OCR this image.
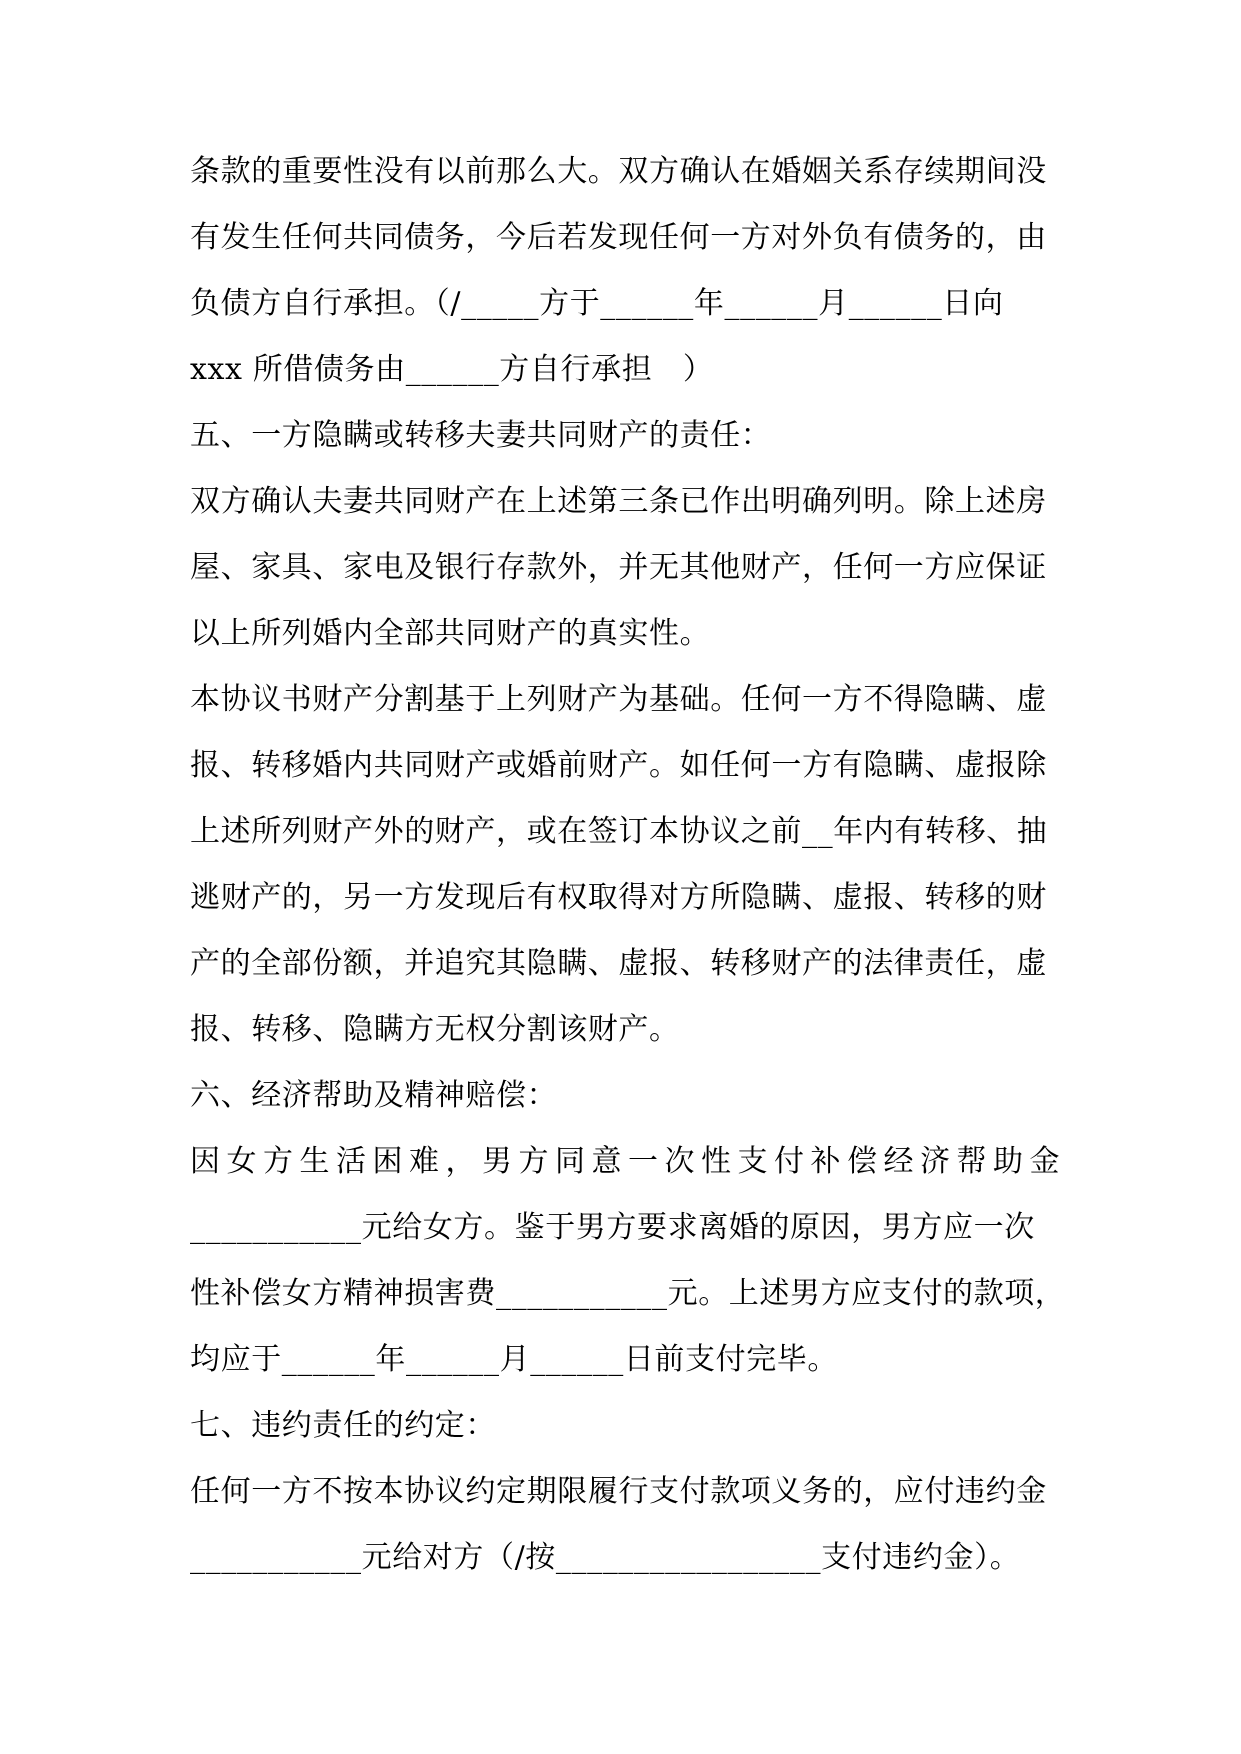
条款的重要性没有以前那么大。双方确认在婚姻关系存续期间没
有发生任何共同债务，今后若发现任何一方对外负有债务的，由
负债方自行承担。（/_____方于______年______月______日向
xxx 所借债务由______方自行承担　）
五、一方隐瞒或转移夫妻共同财产的责任：
双方确认夫妻共同财产在上述第三条已作出明确列明。除上述房
屋、家具、家电及银行存款外，并无其他财产，任何一方应保证
以上所列婚内全部共同财产的真实性。
本协议书财产分割基于上列财产为基础。任何一方不得隐瞒、虚
报、转移婚内共同财产或婚前财产。如任何一方有隐瞒、虚报除
上述所列财产外的财产，或在签订本协议之前__年内有转移、抽
逃财产的，另一方发现后有权取得对方所隐瞒、虚报、转移的财
产的全部份额，并追究其隐瞒、虚报、转移财产的法律责任，虚
报、转移、隐瞒方无权分割该财产。
六、经济帮助及精神赔偿：
因女方生活困难，男方同意一次性支付补偿经济帮助金
___________元给女方。鉴于男方要求离婚的原因，男方应一次
性补偿女方精神损害费___________元。上述男方应支付的款项，
均应于______年______月______日前支付完毕。
七、违约责任的约定：
任何一方不按本协议约定期限履行支付款项义务的，应付违约金
___________元给对方（/按_________________支付违约金）。
